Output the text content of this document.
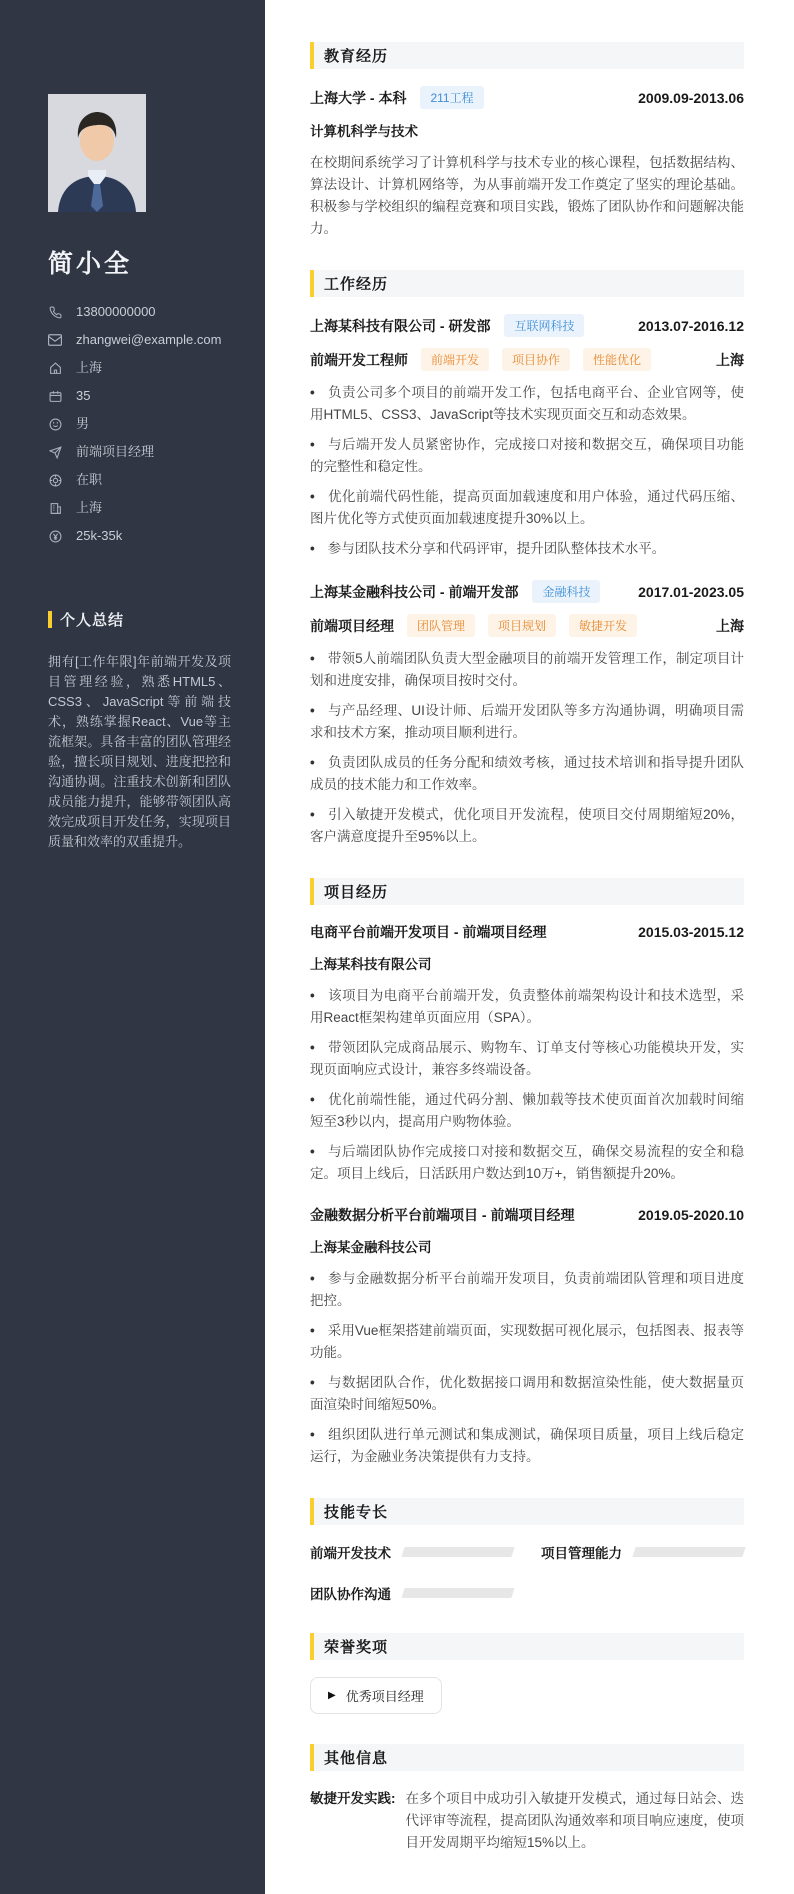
简小全
13800000000
zhangwei@example.com
上海
35
男
前端项目经理
在职
上海
25k-35k
个人总结

拥有[工作年限]年前端开发及项目管理经验，熟悉HTML5、CSS3、JavaScript等前端技术，熟练掌握React、Vue等主流框架。具备丰富的团队管理经验，擅长项目规划、进度把控和沟通协调。注重技术创新和团队成员能力提升，能够带领团队高效完成项目开发任务，实现项目质量和效率的双重提升。

教育经历
上海大学 - 本科	211工程	2009.09-2013.06
计算机科学与技术

在校期间系统学习了计算机科学与技术专业的核心课程，包括数据结构、算法设计、计算机网络等，为从事前端开发工作奠定了坚实的理论基础。积极参与学校组织的编程竞赛和项目实践，锻炼了团队协作和问题解决能力。

工作经历
上海某科技有限公司 - 研发部	互联网科技	2013.07-2016.12
前端开发工程师	前端开发	项目协作	性能优化	上海
• 负责公司多个项目的前端开发工作，包括电商平台、企业官网等，使用HTML5、CSS3、JavaScript等技术实现页面交互和动态效果。
• 与后端开发人员紧密协作，完成接口对接和数据交互，确保项目功能的完整性和稳定性。
• 优化前端代码性能，提高页面加载速度和用户体验，通过代码压缩、图片优化等方式使页面加载速度提升30%以上。
• 参与团队技术分享和代码评审，提升团队整体技术水平。
上海某金融科技公司 - 前端开发部	金融科技	2017.01-2023.05
前端项目经理	团队管理	项目规划	敏捷开发	上海
• 带领5人前端团队负责大型金融项目的前端开发管理工作，制定项目计划和进度安排，确保项目按时交付。
• 与产品经理、UI设计师、后端开发团队等多方沟通协调，明确项目需求和技术方案，推动项目顺利进行。
• 负责团队成员的任务分配和绩效考核，通过技术培训和指导提升团队成员的技术能力和工作效率。
• 引入敏捷开发模式，优化项目开发流程，使项目交付周期缩短20%，客户满意度提升至95%以上。
项目经历
电商平台前端开发项目 - 前端项目经理	2015.03-2015.12
上海某科技有限公司
• 该项目为电商平台前端开发，负责整体前端架构设计和技术选型，采用React框架构建单页面应用（SPA）。
• 带领团队完成商品展示、购物车、订单支付等核心功能模块开发，实现页面响应式设计，兼容多终端设备。
• 优化前端性能，通过代码分割、懒加载等技术使页面首次加载时间缩短至3秒以内，提高用户购物体验。
• 与后端团队协作完成接口对接和数据交互，确保交易流程的安全和稳定。项目上线后，日活跃用户数达到10万+，销售额提升20%。
金融数据分析平台前端项目 - 前端项目经理	2019.05-2020.10
上海某金融科技公司
• 参与金融数据分析平台前端开发项目，负责前端团队管理和项目进度把控。
• 采用Vue框架搭建前端页面，实现数据可视化展示，包括图表、报表等功能。
• 与数据团队合作，优化数据接口调用和数据渲染性能，使大数据量页面渲染时间缩短50%。
• 组织团队进行单元测试和集成测试，确保项目质量，项目上线后稳定运行，为金融业务决策提供有力支持。
技能专长
前端开发技术	项目管理能力
团队协作沟通
荣誉奖项
▶ 优秀项目经理
其他信息
敏捷开发实践: 在多个项目中成功引入敏捷开发模式，通过每日站会、迭代评审等流程，提高团队沟通效率和项目响应速度，使项目开发周期平均缩短15%以上。
